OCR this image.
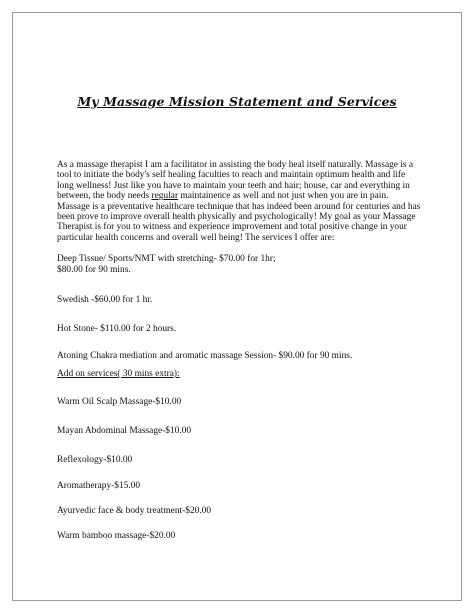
My Massage Mission Statement and Services
As a massage therapist I am a facilitator in assisting the body heal itself naturally. Massage is a
tool to initiate the body's self healing faculties to reach and maintain optimum health and life
long wellness! Just like you have to maintain your teeth and hair; house, car and everything in
between, the body needs regular maintainence as well and not just when you are in pain.
Massage is a preventative healthcare technique that has indeed been around for centuries and has
been prove to improve overall health physically and psychologically! My goal as your Massage
Therapist is for you to witness and experience improvement and total positive change in your
particular health concerns and overall well being! The services I offer are:

Deep Tissue/ Sports/NMT with stretching- $70.00 for 1hr;

$80.00 for 90 mins.

Swedish -$60.00 for 1 hr.

Hot Stone- $110.00 for 2 hours.

Atoning Chakra mediation and aromatic massage Session- $90.00 for 90 mins.

Add on services( 30 mins extra):

Warm Oil Scalp Massage-$10.00

Mayan Abdominal Massage-$10.00

Reflexology-$10.00

Aromatherapy-$15.00

Ayurvedic face & body treatment-$20.00

Warm bamboo massage-$20.00
